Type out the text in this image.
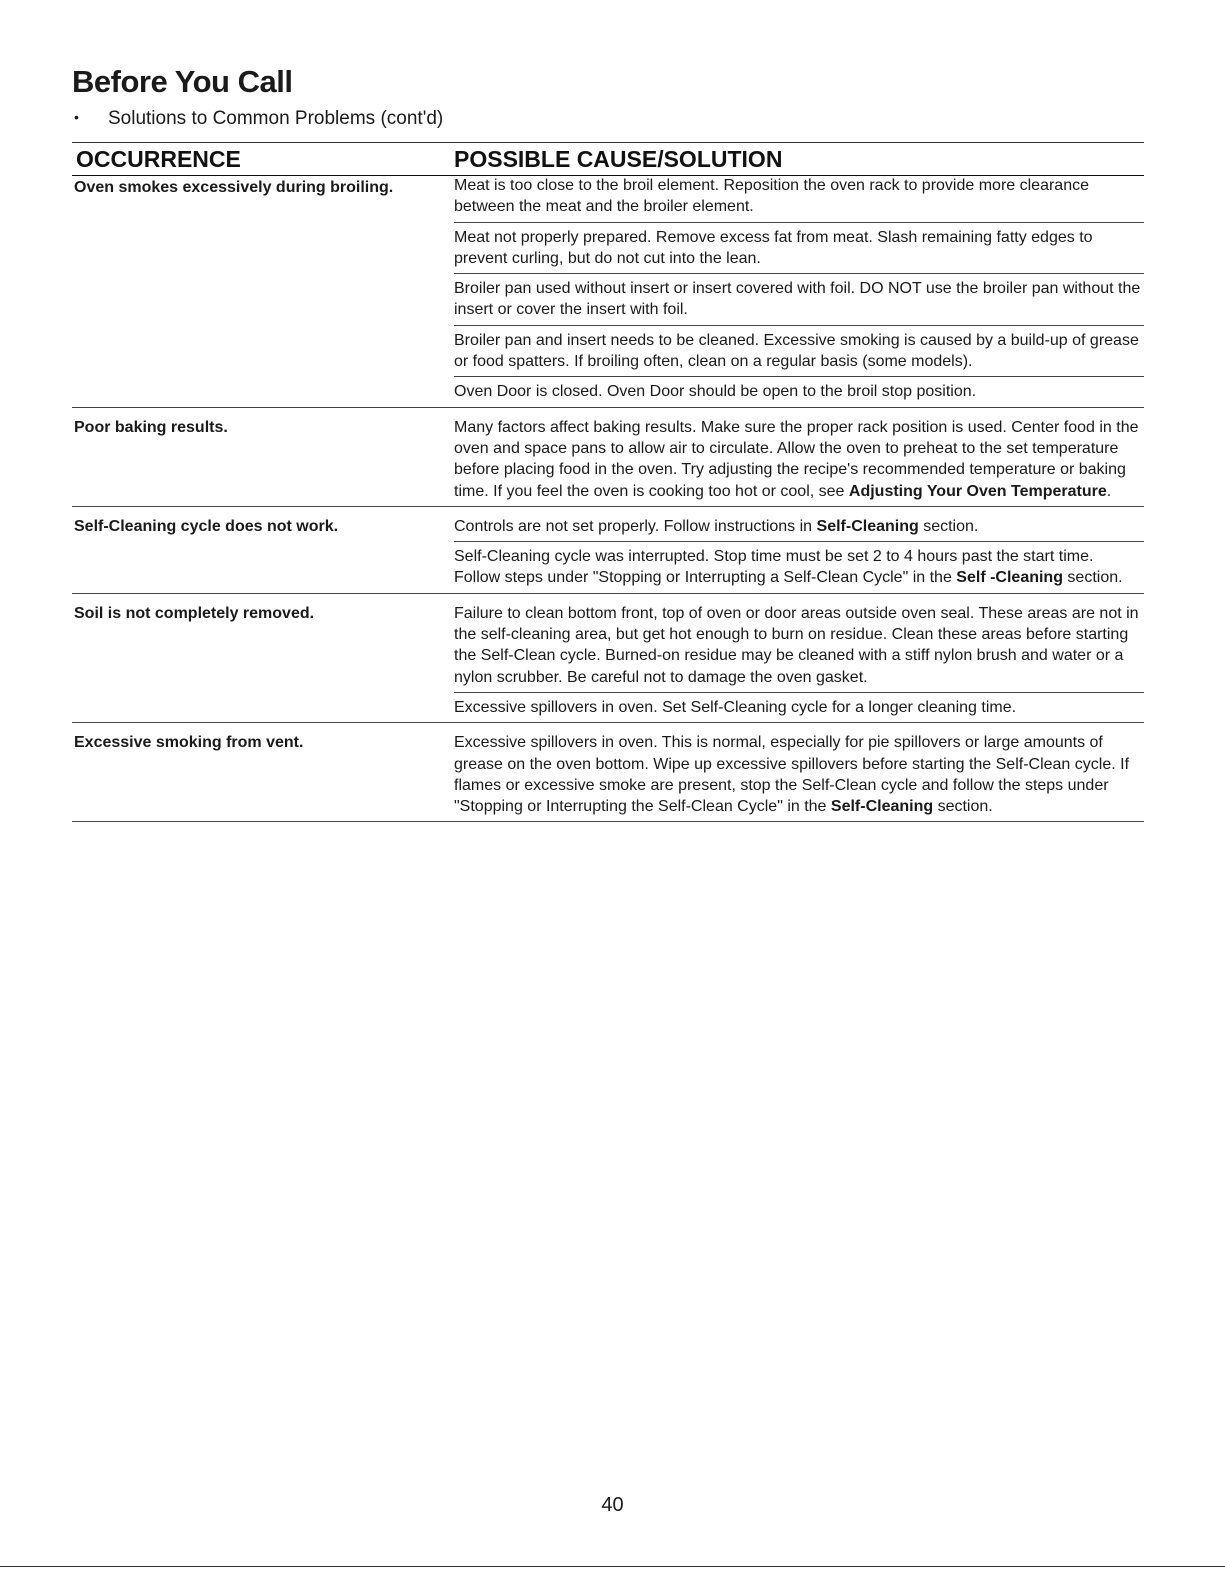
Before You Call
• Solutions to Common Problems (cont'd)
OCCURRENCE	POSSIBLE CAUSE/SOLUTION
Oven smokes excessively during broiling.	Meat is too close to the broil element. Reposition the oven rack to provide more clearance between the meat and the broiler element.
Meat not properly prepared. Remove excess fat from meat. Slash remaining fatty edges to prevent curling, but do not cut into the lean.
Broiler pan used without insert or insert covered with foil. DO NOT use the broiler pan without the insert or cover the insert with foil.
Broiler pan and insert needs to be cleaned. Excessive smoking is caused by a build-up of grease or food spatters. If broiling often, clean on a regular basis (some models).
Oven Door is closed. Oven Door should be open to the broil stop position.
Poor baking results.	Many factors affect baking results. Make sure the proper rack position is used. Center food in the oven and space pans to allow air to circulate. Allow the oven to preheat to the set temperature before placing food in the oven. Try adjusting the recipe's recommended temperature or baking time. If you feel the oven is cooking too hot or cool, see Adjusting Your Oven Temperature.
Self-Cleaning cycle does not work.	Controls are not set properly. Follow instructions in Self-Cleaning section.
Self-Cleaning cycle was interrupted. Stop time must be set 2 to 4 hours past the start time. Follow steps under "Stopping or Interrupting a Self-Clean Cycle" in the Self -Cleaning section.
Soil is not completely removed.	Failure to clean bottom front, top of oven or door areas outside oven seal. These areas are not in the self-cleaning area, but get hot enough to burn on residue. Clean these areas before starting the Self-Clean cycle. Burned-on residue may be cleaned with a stiff nylon brush and water or a nylon scrubber. Be careful not to damage the oven gasket.
Excessive spillovers in oven. Set Self-Cleaning cycle for a longer cleaning time.
Excessive smoking from vent.	Excessive spillovers in oven. This is normal, especially for pie spillovers or large amounts of grease on the oven bottom. Wipe up excessive spillovers before starting the Self-Clean cycle. If flames or excessive smoke are present, stop the Self-Clean cycle and follow the steps under "Stopping or Interrupting the Self-Clean Cycle" in the Self-Cleaning section.
40
